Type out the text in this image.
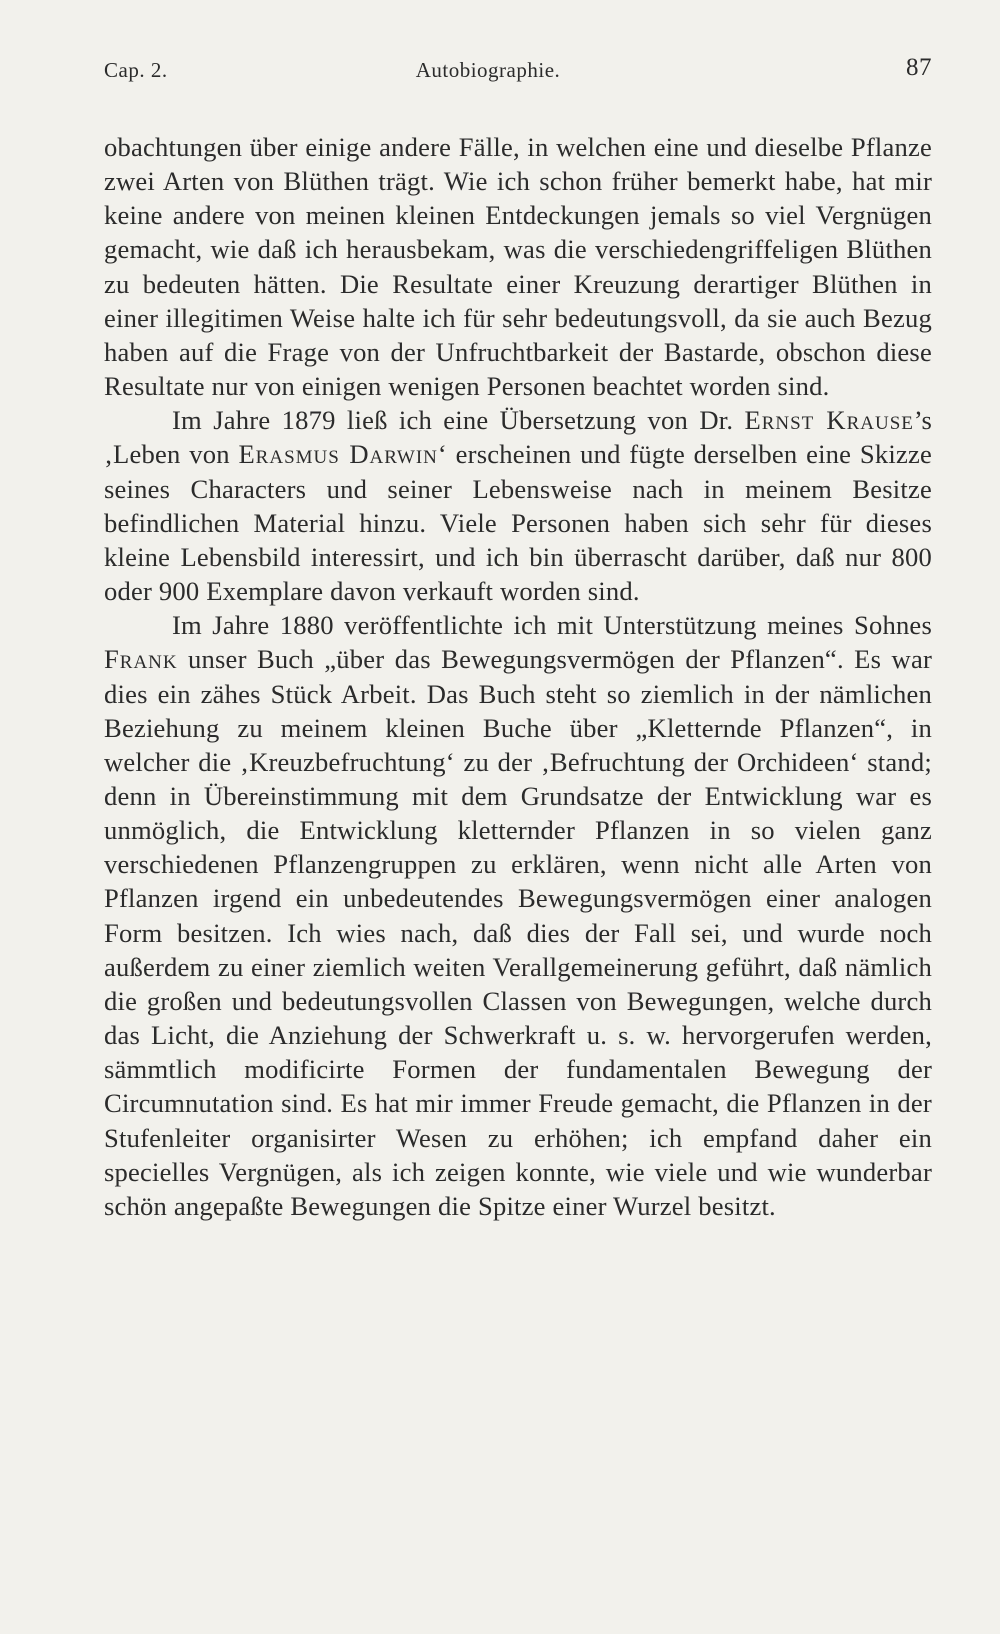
Cap. 2.	Autobiographie.	87

obachtungen über einige andere Fälle, in welchen eine und dieselbe Pflanze zwei Arten von Blüthen trägt. Wie ich schon früher bemerkt habe, hat mir keine andere von meinen kleinen Entdeckungen jemals so viel Vergnügen gemacht, wie daß ich herausbekam, was die verschiedengriffeligen Blüthen zu bedeuten hätten. Die Resultate einer Kreuzung derartiger Blüthen in einer illegitimen Weise halte ich für sehr bedeutungsvoll, da sie auch Bezug haben auf die Frage von der Unfruchtbarkeit der Bastarde, obschon diese Resultate nur von einigen wenigen Personen beachtet worden sind.

Im Jahre 1879 ließ ich eine Übersetzung von Dr. Ernst Krause’s ‚Leben von Erasmus Darwin‘ erscheinen und fügte derselben eine Skizze seines Characters und seiner Lebensweise nach in meinem Besitze befindlichen Material hinzu. Viele Personen haben sich sehr für dieses kleine Lebensbild interessirt, und ich bin überrascht darüber, daß nur 800 oder 900 Exemplare davon verkauft worden sind.

Im Jahre 1880 veröffentlichte ich mit Unterstützung meines Sohnes Frank unser Buch „über das Bewegungsvermögen der Pflanzen“. Es war dies ein zähes Stück Arbeit. Das Buch steht so ziemlich in der nämlichen Beziehung zu meinem kleinen Buche über „Kletternde Pflanzen“, in welcher die ‚Kreuzbefruchtung‘ zu der ‚Befruchtung der Orchideen‘ stand; denn in Übereinstimmung mit dem Grundsatze der Entwicklung war es unmöglich, die Entwicklung kletternder Pflanzen in so vielen ganz verschiedenen Pflanzengruppen zu erklären, wenn nicht alle Arten von Pflanzen irgend ein unbedeutendes Bewegungsvermögen einer analogen Form besitzen. Ich wies nach, daß dies der Fall sei, und wurde noch außerdem zu einer ziemlich weiten Verallgemeinerung geführt, daß nämlich die großen und bedeutungsvollen Classen von Bewegungen, welche durch das Licht, die Anziehung der Schwerkraft u. s. w. hervorgerufen werden, sämmtlich modificirte Formen der fundamentalen Bewegung der Circumnutation sind. Es hat mir immer Freude gemacht, die Pflanzen in der Stufenleiter organisirter Wesen zu erhöhen; ich empfand daher ein specielles Vergnügen, als ich zeigen konnte, wie viele und wie wunderbar schön angepaßte Bewegungen die Spitze einer Wurzel besitzt.
